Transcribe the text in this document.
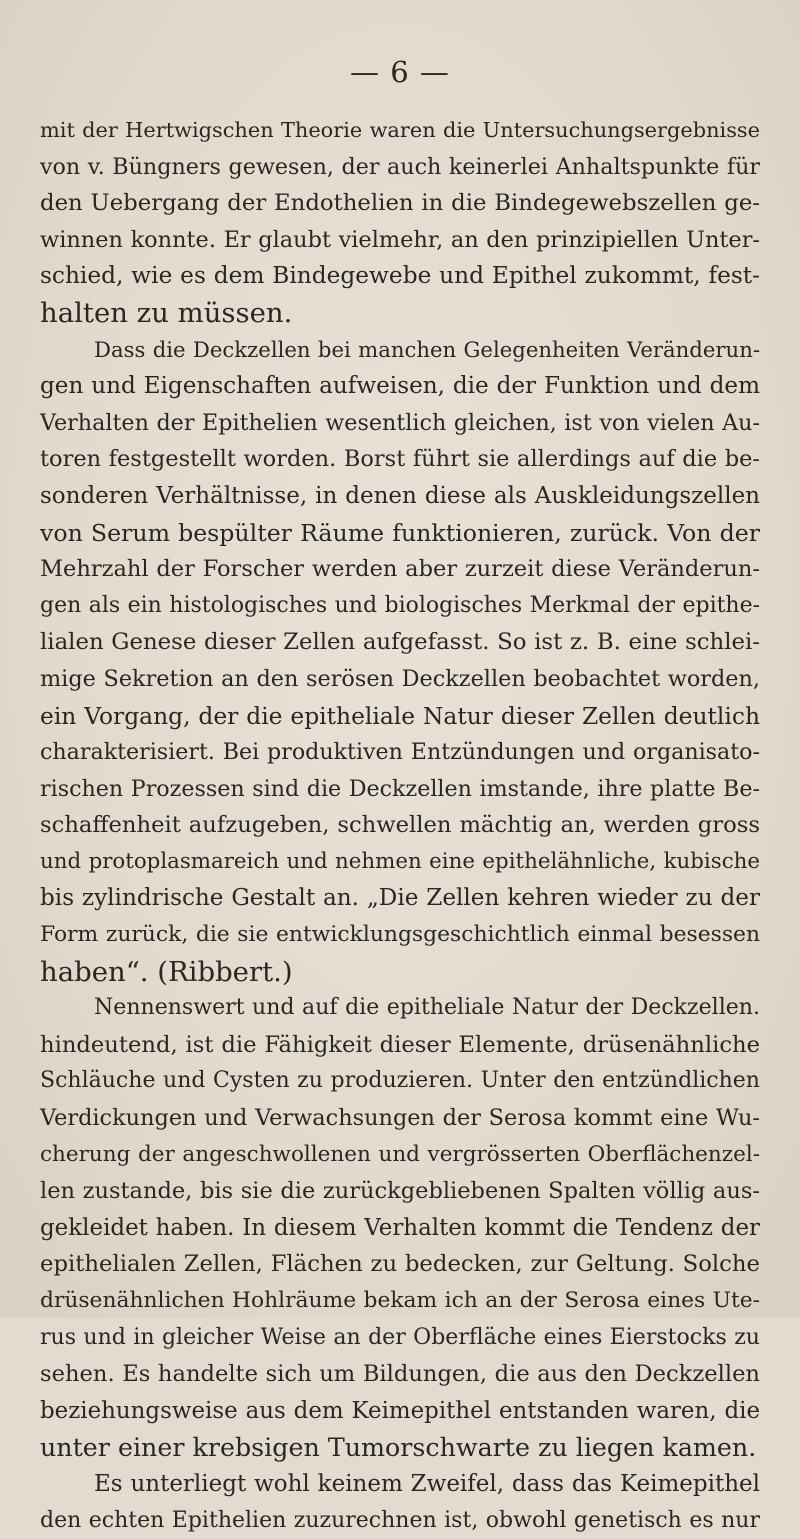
— 6 —
mit der Hertwigschen Theorie waren die Untersuchungsergebnisse
von v. Büngners gewesen, der auch keinerlei Anhaltspunkte für
den Uebergang der Endothelien in die Bindegewebszellen ge-
winnen konnte. Er glaubt vielmehr, an den prinzipiellen Unter-
schied, wie es dem Bindegewebe und Epithel zukommt, fest-
halten zu müssen.
Dass die Deckzellen bei manchen Gelegenheiten Veränderun-
gen und Eigenschaften aufweisen, die der Funktion und dem
Verhalten der Epithelien wesentlich gleichen, ist von vielen Au-
toren festgestellt worden. Borst führt sie allerdings auf die be-
sonderen Verhältnisse, in denen diese als Auskleidungszellen
von Serum bespülter Räume funktionieren, zurück. Von der
Mehrzahl der Forscher werden aber zurzeit diese Veränderun-
gen als ein histologisches und biologisches Merkmal der epithe-
lialen Genese dieser Zellen aufgefasst. So ist z. B. eine schlei-
mige Sekretion an den serösen Deckzellen beobachtet worden,
ein Vorgang, der die epitheliale Natur dieser Zellen deutlich
charakterisiert. Bei produktiven Entzündungen und organisato-
rischen Prozessen sind die Deckzellen imstande, ihre platte Be-
schaffenheit aufzugeben, schwellen mächtig an, werden gross
und protoplasmareich und nehmen eine epithelähnliche, kubische
bis zylindrische Gestalt an. „Die Zellen kehren wieder zu der
Form zurück, die sie entwicklungsgeschichtlich einmal besessen
haben“. (Ribbert.)
Nennenswert und auf die epitheliale Natur der Deckzellen.
hindeutend, ist die Fähigkeit dieser Elemente, drüsenähnliche
Schläuche und Cysten zu produzieren. Unter den entzündlichen
Verdickungen und Verwachsungen der Serosa kommt eine Wu-
cherung der angeschwollenen und vergrösserten Oberflächenzel-
len zustande, bis sie die zurückgebliebenen Spalten völlig aus-
gekleidet haben. In diesem Verhalten kommt die Tendenz der
epithelialen Zellen, Flächen zu bedecken, zur Geltung. Solche
drüsenähnlichen Hohlräume bekam ich an der Serosa eines Ute-
rus und in gleicher Weise an der Oberfläche eines Eierstocks zu
sehen. Es handelte sich um Bildungen, die aus den Deckzellen
beziehungsweise aus dem Keimepithel entstanden waren, die
unter einer krebsigen Tumorschwarte zu liegen kamen.
Es unterliegt wohl keinem Zweifel, dass das Keimepithel
den echten Epithelien zuzurechnen ist, obwohl genetisch es nur
